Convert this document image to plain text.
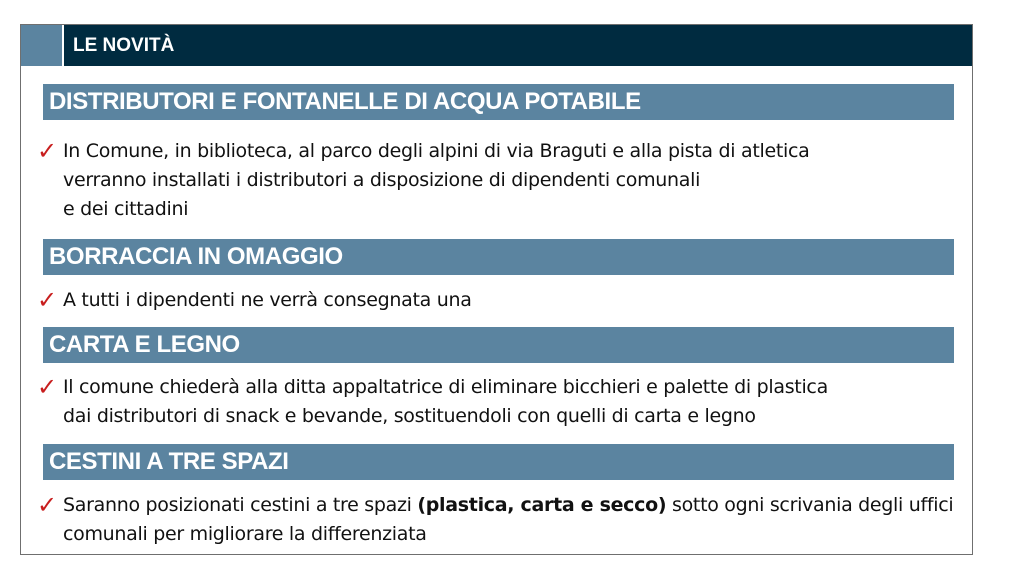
LE NOVITÀ
DISTRIBUTORI E FONTANELLE DI ACQUA POTABILE
✓ In Comune, in biblioteca, al parco degli alpini di via Braguti e alla pista di atletica
verranno installati i distributori a disposizione di dipendenti comunali
e dei cittadini
BORRACCIA IN OMAGGIO
✓ A tutti i dipendenti ne verrà consegnata una
CARTA E LEGNO
✓ Il comune chiederà alla ditta appaltatrice di eliminare bicchieri e palette di plastica
dai distributori di snack e bevande, sostituendoli con quelli di carta e legno
CESTINI A TRE SPAZI
✓ Saranno posizionati cestini a tre spazi (plastica, carta e secco) sotto ogni scrivania degli uffici
comunali per migliorare la differenziata
